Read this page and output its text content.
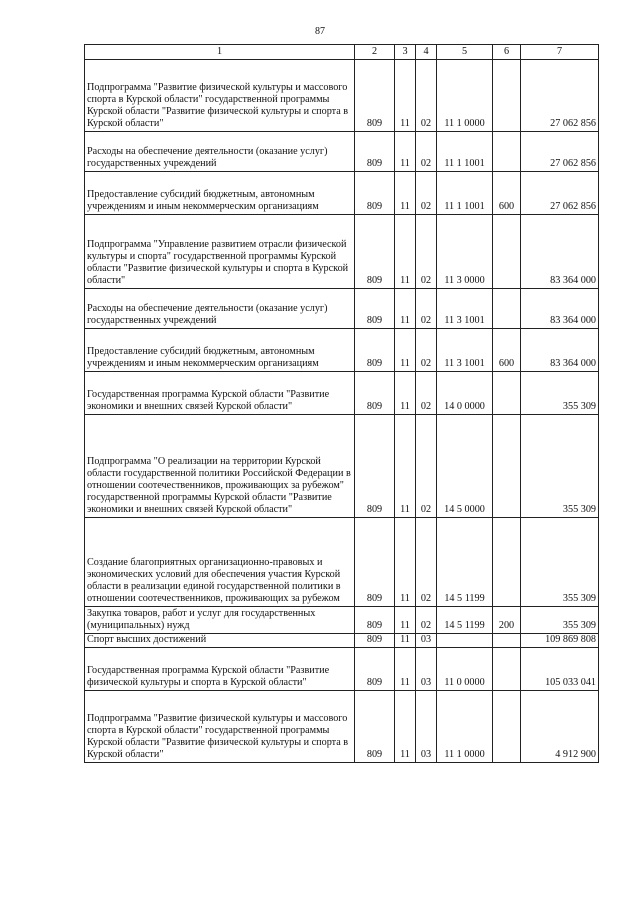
87
1	2	3	4	5	6	7
Подпрограмма "Развитие физической культуры и массового спорта в Курской области" государственной программы Курской области "Развитие физической культуры и спорта в Курской области"	809	11	02	11 1 0000		27 062 856
Расходы на обеспечение деятельности (оказание услуг) государственных учреждений	809	11	02	11 1 1001		27 062 856
Предоставление субсидий бюджетным, автономным учреждениям и иным некоммерческим организациям	809	11	02	11 1 1001	600	27 062 856
Подпрограмма "Управление развитием отрасли физической культуры и спорта" государственной программы Курской области "Развитие физической культуры и спорта в Курской области"	809	11	02	11 3 0000		83 364 000
Расходы на обеспечение деятельности (оказание услуг) государственных учреждений	809	11	02	11 3 1001		83 364 000
Предоставление субсидий бюджетным, автономным учреждениям и иным некоммерческим организациям	809	11	02	11 3 1001	600	83 364 000
Государственная программа Курской области "Развитие экономики и внешних связей Курской области"	809	11	02	14 0 0000		355 309
Подпрограмма "О реализации на территории Курской области государственной политики Российской Федерации в отношении соотечественников, проживающих за рубежом" государственной программы Курской области "Развитие экономики и внешних связей Курской области"	809	11	02	14 5 0000		355 309
Создание благоприятных организационно-правовых и экономических условий для обеспечения участия Курской области в реализации единой государственной политики в отношении соотечественников, проживающих за рубежом	809	11	02	14 5 1199		355 309
Закупка товаров, работ и услуг для государственных (муниципальных) нужд	809	11	02	14 5 1199	200	355 309
Спорт высших достижений	809	11	03			109 869 808
Государственная программа Курской области "Развитие физической культуры и спорта в Курской области"	809	11	03	11 0 0000		105 033 041
Подпрограмма "Развитие физической культуры и массового спорта в Курской области" государственной программы Курской области "Развитие физической культуры и спорта в Курской области"	809	11	03	11 1 0000		4 912 900
